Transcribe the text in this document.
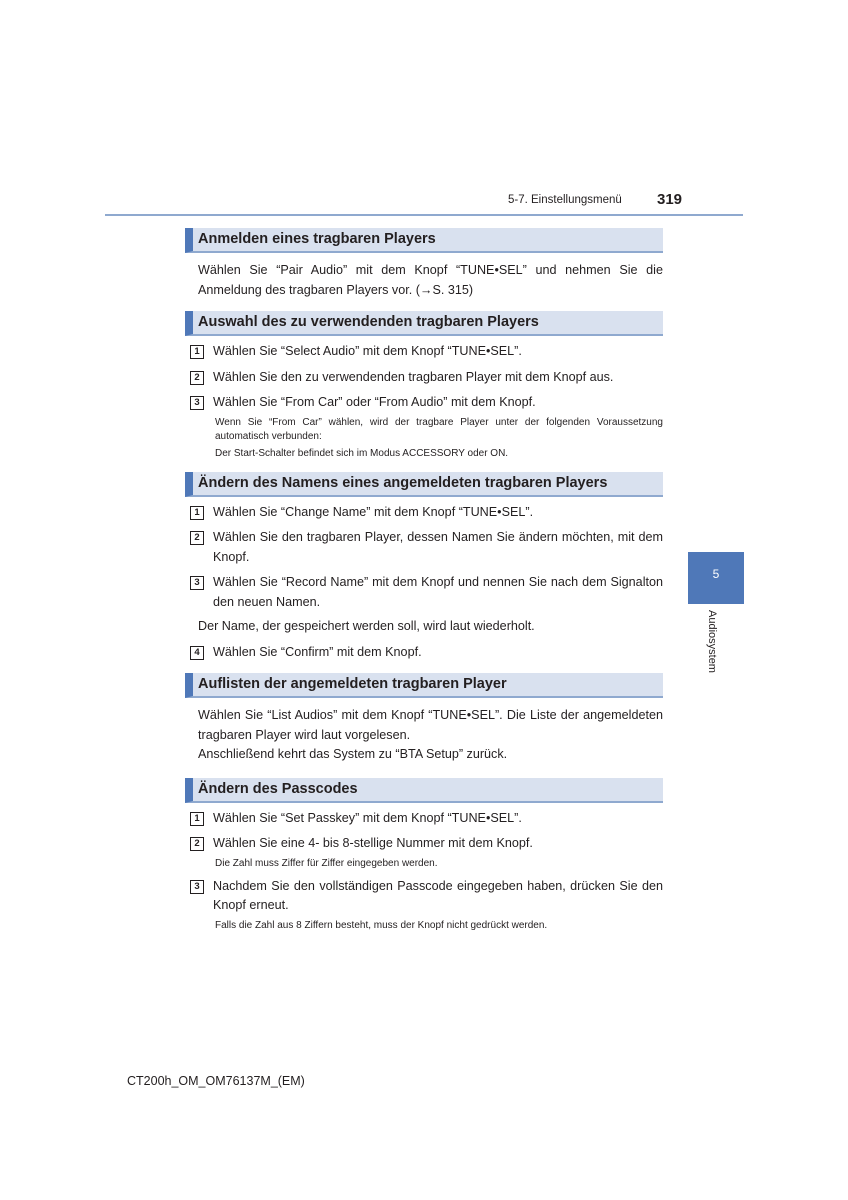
5-7. Einstellungsmenü 319
Anmelden eines tragbaren Players
Wählen Sie “Pair Audio” mit dem Knopf “TUNE•SEL” und nehmen Sie die Anmeldung des tragbaren Players vor. (→S. 315)
Auswahl des zu verwendenden tragbaren Players
1	Wählen Sie “Select Audio” mit dem Knopf “TUNE•SEL”.
2	Wählen Sie den zu verwendenden tragbaren Player mit dem Knopf aus.
3	Wählen Sie “From Car” oder “From Audio” mit dem Knopf.
Wenn Sie “From Car” wählen, wird der tragbare Player unter der folgenden Voraussetzung automatisch verbunden:
Der Start-Schalter befindet sich im Modus ACCESSORY oder ON.
Ändern des Namens eines angemeldeten tragbaren Players
1	Wählen Sie “Change Name” mit dem Knopf “TUNE•SEL”.
2	Wählen Sie den tragbaren Player, dessen Namen Sie ändern möchten, mit dem Knopf.
3	Wählen Sie “Record Name” mit dem Knopf und nennen Sie nach dem Signalton den neuen Namen.
Der Name, der gespeichert werden soll, wird laut wiederholt.
4	Wählen Sie “Confirm” mit dem Knopf.
Auflisten der angemeldeten tragbaren Player
Wählen Sie “List Audios” mit dem Knopf “TUNE•SEL”. Die Liste der angemeldeten tragbaren Player wird laut vorgelesen.
Anschließend kehrt das System zu “BTA Setup” zurück.
Ändern des Passcodes
1	Wählen Sie “Set Passkey” mit dem Knopf “TUNE•SEL”.
2	Wählen Sie eine 4- bis 8-stellige Nummer mit dem Knopf.
Die Zahl muss Ziffer für Ziffer eingegeben werden.
3	Nachdem Sie den vollständigen Passcode eingegeben haben, drücken Sie den Knopf erneut.
Falls die Zahl aus 8 Ziffern besteht, muss der Knopf nicht gedrückt werden.
5
Audiosystem
CT200h_OM_OM76137M_(EM)
